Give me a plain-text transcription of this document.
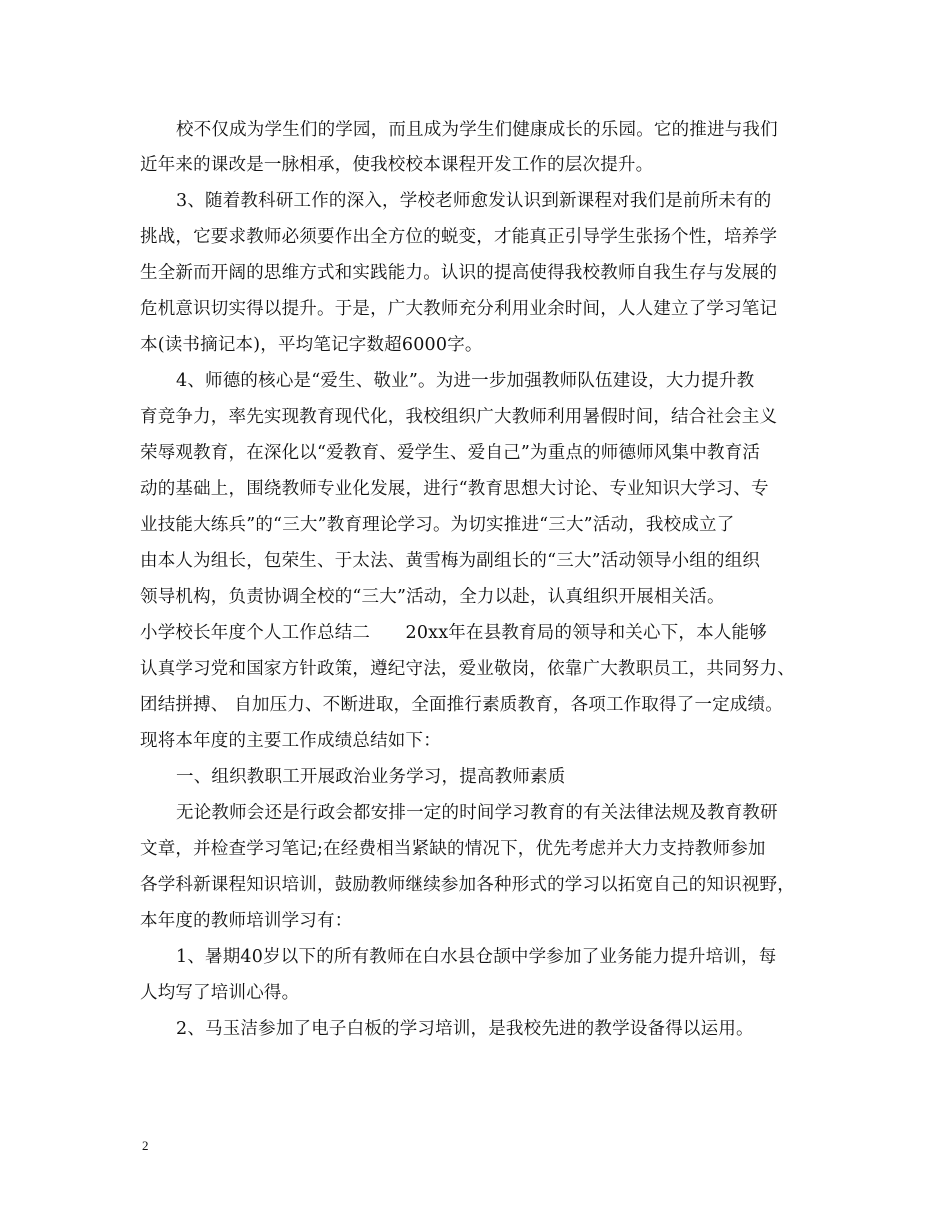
校不仅成为学生们的学园，而且成为学生们健康成长的乐园。它的推进与我们
近年来的课改是一脉相承，使我校校本课程开发工作的层次提升。
3、随着教科研工作的深入，学校老师愈发认识到新课程对我们是前所未有的
挑战，它要求教师必须要作出全方位的蜕变，才能真正引导学生张扬个性，培养学
生全新而开阔的思维方式和实践能力。认识的提高使得我校教师自我生存与发展的
危机意识切实得以提升。于是，广大教师充分利用业余时间，人人建立了学习笔记
本(读书摘记本)，平均笔记字数超6000字。
4、师德的核心是“爱生、敬业”。为进一步加强教师队伍建设，大力提升教
育竞争力，率先实现教育现代化，我校组织广大教师利用暑假时间，结合社会主义
荣辱观教育，在深化以“爱教育、爱学生、爱自己”为重点的师德师风集中教育活
动的基础上，围绕教师专业化发展，进行“教育思想大讨论、专业知识大学习、专
业技能大练兵”的“三大”教育理论学习。为切实推进“三大”活动，我校成立了
由本人为组长，包荣生、于太法、黄雪梅为副组长的“三大”活动领导小组的组织
领导机构，负责协调全校的“三大”活动，全力以赴，认真组织开展相关活。
小学校长年度个人工作总结二　　20xx年在县教育局的领导和关心下，本人能够
认真学习党和国家方针政策，遵纪守法，爱业敬岗，依靠广大教职员工，共同努力、
团结拼搏、 自加压力、不断进取，全面推行素质教育，各项工作取得了一定成绩。
现将本年度的主要工作成绩总结如下：
一、组织教职工开展政治业务学习，提高教师素质
无论教师会还是行政会都安排一定的时间学习教育的有关法律法规及教育教研
文章，并检查学习笔记;在经费相当紧缺的情况下，优先考虑并大力支持教师参加
各学科新课程知识培训，鼓励教师继续参加各种形式的学习以拓宽自己的知识视野，
本年度的教师培训学习有：
1、暑期40岁以下的所有教师在白水县仓颉中学参加了业务能力提升培训，每
人均写了培训心得。
2、马玉洁参加了电子白板的学习培训，是我校先进的教学设备得以运用。
2
